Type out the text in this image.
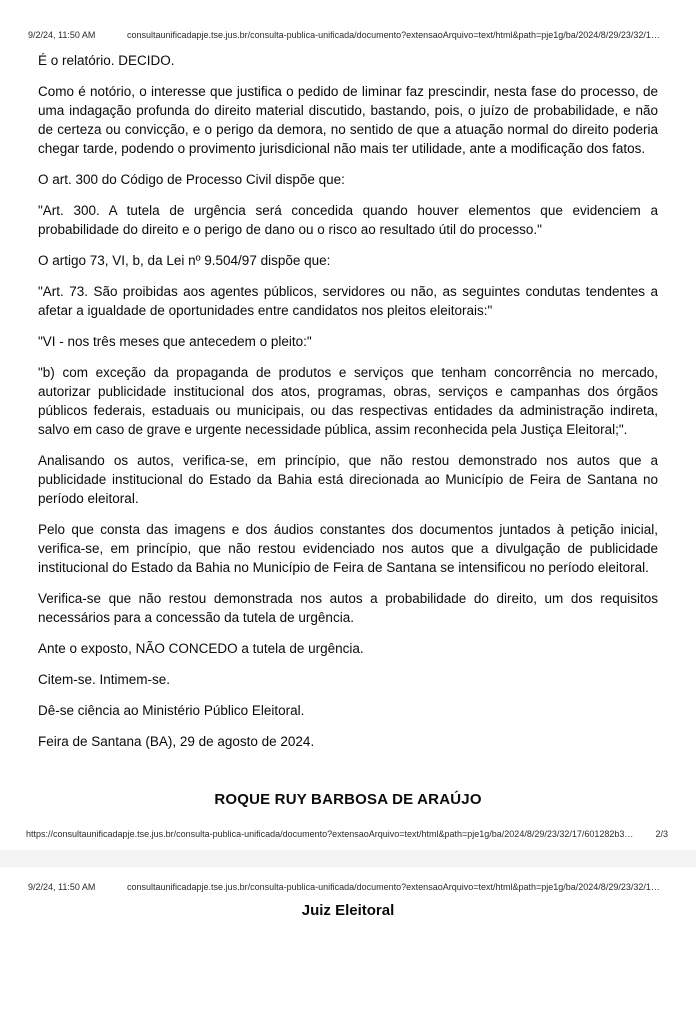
9/2/24, 11:50 AM	consultaunificadapje.tse.jus.br/consulta-publica-unificada/documento?extensaoArquivo=text/html&path=pje1g/ba/2024/8/29/23/32/1…

É o relatório. DECIDO.

Como é notório, o interesse que justifica o pedido de liminar faz prescindir, nesta fase do processo, de uma indagação profunda do direito material discutido, bastando, pois, o juízo de probabilidade, e não de certeza ou convicção, e o perigo da demora, no sentido de que a atuação normal do direito poderia chegar tarde, podendo o provimento jurisdicional não mais ter utilidade, ante a modificação dos fatos.

O art. 300 do Código de Processo Civil dispõe que:

"Art. 300. A tutela de urgência será concedida quando houver elementos que evidenciem a probabilidade do direito e o perigo de dano ou o risco ao resultado útil do processo."

O artigo 73, VI, b, da Lei nº 9.504/97 dispõe que:

"Art. 73. São proibidas aos agentes públicos, servidores ou não, as seguintes condutas tendentes a afetar a igualdade de oportunidades entre candidatos nos pleitos eleitorais:"

"VI - nos três meses que antecedem o pleito:"

"b) com exceção da propaganda de produtos e serviços que tenham concorrência no mercado, autorizar publicidade institucional dos atos, programas, obras, serviços e campanhas dos órgãos públicos federais, estaduais ou municipais, ou das respectivas entidades da administração indireta, salvo em caso de grave e urgente necessidade pública, assim reconhecida pela Justiça Eleitoral;".

Analisando os autos, verifica-se, em princípio, que não restou demonstrado nos autos que a publicidade institucional do Estado da Bahia está direcionada ao Município de Feira de Santana no período eleitoral.

Pelo que consta das imagens e dos áudios constantes dos documentos juntados à petição inicial, verifica-se, em princípio, que não restou evidenciado nos autos que a divulgação de publicidade institucional do Estado da Bahia no Município de Feira de Santana se intensificou no período eleitoral.

Verifica-se que não restou demonstrada nos autos a probabilidade do direito, um dos requisitos necessários para a concessão da tutela de urgência.

Ante o exposto, NÃO CONCEDO a tutela de urgência.

Citem-se. Intimem-se.

Dê-se ciência ao Ministério Público Eleitoral.

Feira de Santana (BA), 29 de agosto de 2024.

ROQUE RUY BARBOSA DE ARAÚJO
https://consultaunificadapje.tse.jus.br/consulta-publica-unificada/documento?extensaoArquivo=text/html&path=pje1g/ba/2024/8/29/23/32/17/601282b3… 2/3
9/2/24, 11:50 AM	consultaunificadapje.tse.jus.br/consulta-publica-unificada/documento?extensaoArquivo=text/html&path=pje1g/ba/2024/8/29/23/32/1…
Juiz Eleitoral
